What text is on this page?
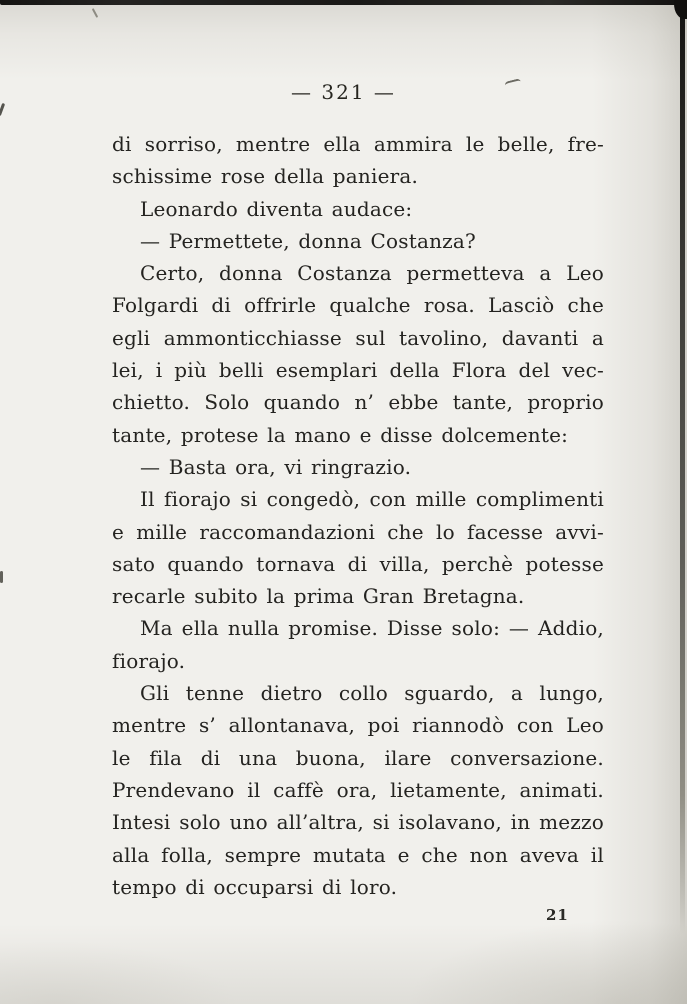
— 321 —
di sorriso, mentre ella ammira le belle, fre-
schissime rose della paniera.
Leonardo diventa audace:
— Permettete, donna Costanza?
Certo, donna Costanza permetteva a Leo
Folgardi di offrirle qualche rosa. Lasciò che
egli ammonticchiasse sul tavolino, davanti a
lei, i più belli esemplari della Flora del vec-
chietto. Solo quando n’ ebbe tante, proprio
tante, protese la mano e disse dolcemente:
— Basta ora, vi ringrazio.
Il fiorajo si congedò, con mille complimenti
e mille raccomandazioni che lo facesse avvi-
sato quando tornava di villa, perchè potesse
recarle subito la prima Gran Bretagna.
Ma ella nulla promise. Disse solo: — Addio,
fiorajo.
Gli tenne dietro collo sguardo, a lungo,
mentre s’ allontanava, poi riannodò con Leo
le fila di una buona, ilare conversazione.
Prendevano il caffè ora, lietamente, animati.
Intesi solo uno all’altra, si isolavano, in mezzo
alla folla, sempre mutata e che non aveva il
tempo di occuparsi di loro.
21
